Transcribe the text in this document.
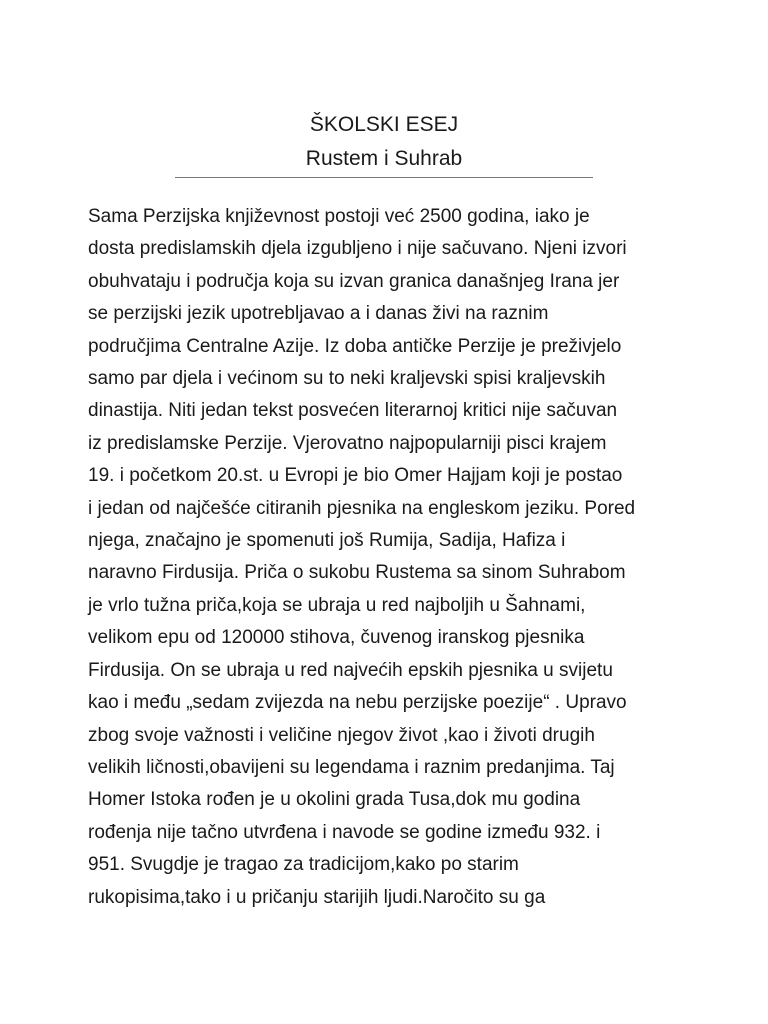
ŠKOLSKI ESEJ
Rustem i Suhrab
Sama Perzijska književnost postoji već 2500 godina, iako je
dosta predislamskih djela izgubljeno i nije sačuvano. Njeni izvori
obuhvataju i područja koja su izvan granica današnjeg Irana jer
se perzijski jezik upotrebljavao a i danas živi na raznim
područjima Centralne Azije. Iz doba antičke Perzije je preživjelo
samo par djela i većinom su to neki kraljevski spisi kraljevskih
dinastija. Niti jedan tekst posvećen literarnoj kritici nije sačuvan
iz predislamske Perzije. Vjerovatno najpopularniji pisci krajem
19. i početkom 20.st. u Evropi je bio Omer Hajjam koji je postao
i jedan od najčešće citiranih pjesnika na engleskom jeziku. Pored
njega, značajno je spomenuti još Rumija, Sadija, Hafiza i
naravno Firdusija. Priča o sukobu Rustema sa sinom Suhrabom
je vrlo tužna priča,koja se ubraja u red najboljih u Šahnami,
velikom epu od 120000 stihova, čuvenog iranskog pjesnika
Firdusija. On se ubraja u red najvećih epskih pjesnika u svijetu
kao i među „sedam zvijezda na nebu perzijske poezije“ . Upravo
zbog svoje važnosti i veličine njegov život ,kao i životi drugih
velikih ličnosti,obavijeni su legendama i raznim predanjima. Taj
Homer Istoka rođen je u okolini grada Tusa,dok mu godina
rođenja nije tačno utvrđena i navode se godine između 932. i
951. Svugdje je tragao za tradicijom,kako po starim
rukopisima,tako i u pričanju starijih ljudi.Naročito su ga
